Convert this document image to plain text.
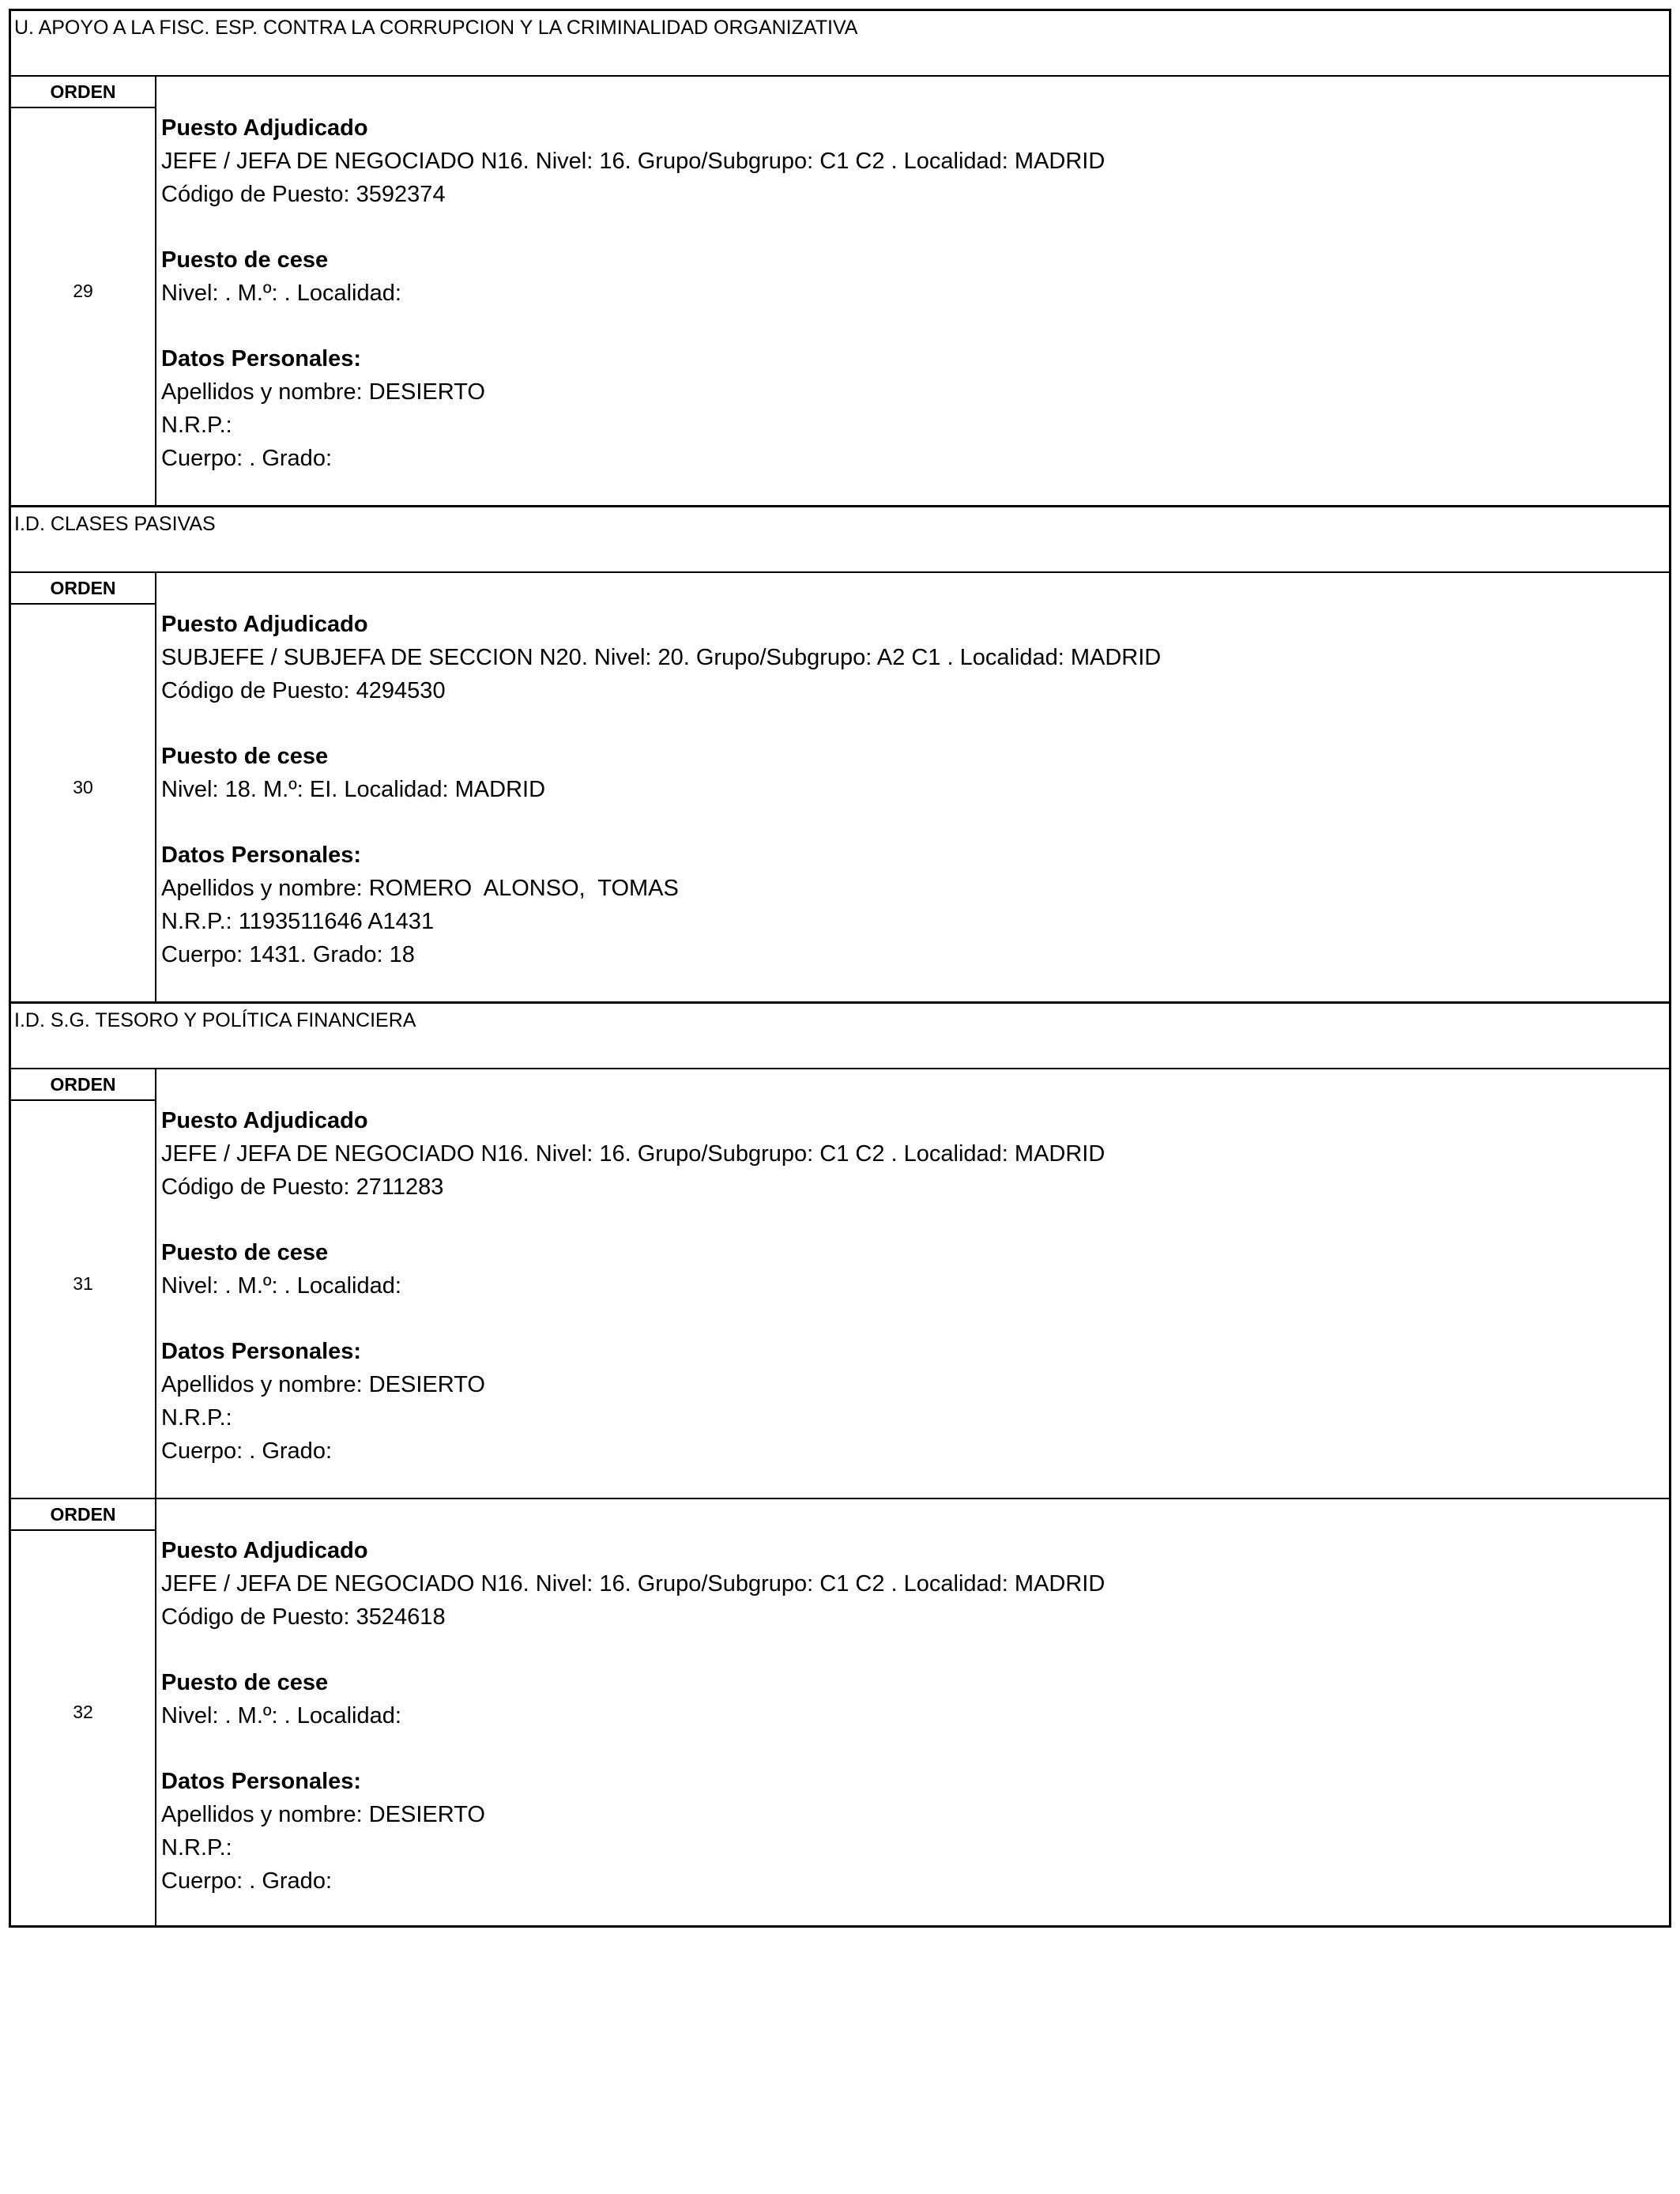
U. APOYO A LA FISC. ESP. CONTRA LA CORRUPCION Y LA CRIMINALIDAD ORGANIZATIVA
ORDEN
29
Puesto Adjudicado
JEFE / JEFA DE NEGOCIADO N16. Nivel: 16. Grupo/Subgrupo: C1 C2 . Localidad: MADRID
Código de Puesto: 3592374
Puesto de cese
Nivel: . M.º: . Localidad:
Datos Personales:
Apellidos y nombre: DESIERTO
N.R.P.:
Cuerpo: . Grado:
I.D. CLASES PASIVAS
ORDEN
30
Puesto Adjudicado
SUBJEFE / SUBJEFA DE SECCION N20. Nivel: 20. Grupo/Subgrupo: A2 C1 . Localidad: MADRID
Código de Puesto: 4294530
Puesto de cese
Nivel: 18. M.º: EI. Localidad: MADRID
Datos Personales:
Apellidos y nombre: ROMERO  ALONSO,  TOMAS
N.R.P.: 1193511646 A1431
Cuerpo: 1431. Grado: 18
I.D. S.G. TESORO Y POLÍTICA FINANCIERA
ORDEN
31
Puesto Adjudicado
JEFE / JEFA DE NEGOCIADO N16. Nivel: 16. Grupo/Subgrupo: C1 C2 . Localidad: MADRID
Código de Puesto: 2711283
Puesto de cese
Nivel: . M.º: . Localidad:
Datos Personales:
Apellidos y nombre: DESIERTO
N.R.P.:
Cuerpo: . Grado:
ORDEN
32
Puesto Adjudicado
JEFE / JEFA DE NEGOCIADO N16. Nivel: 16. Grupo/Subgrupo: C1 C2 . Localidad: MADRID
Código de Puesto: 3524618
Puesto de cese
Nivel: . M.º: . Localidad:
Datos Personales:
Apellidos y nombre: DESIERTO
N.R.P.:
Cuerpo: . Grado:
